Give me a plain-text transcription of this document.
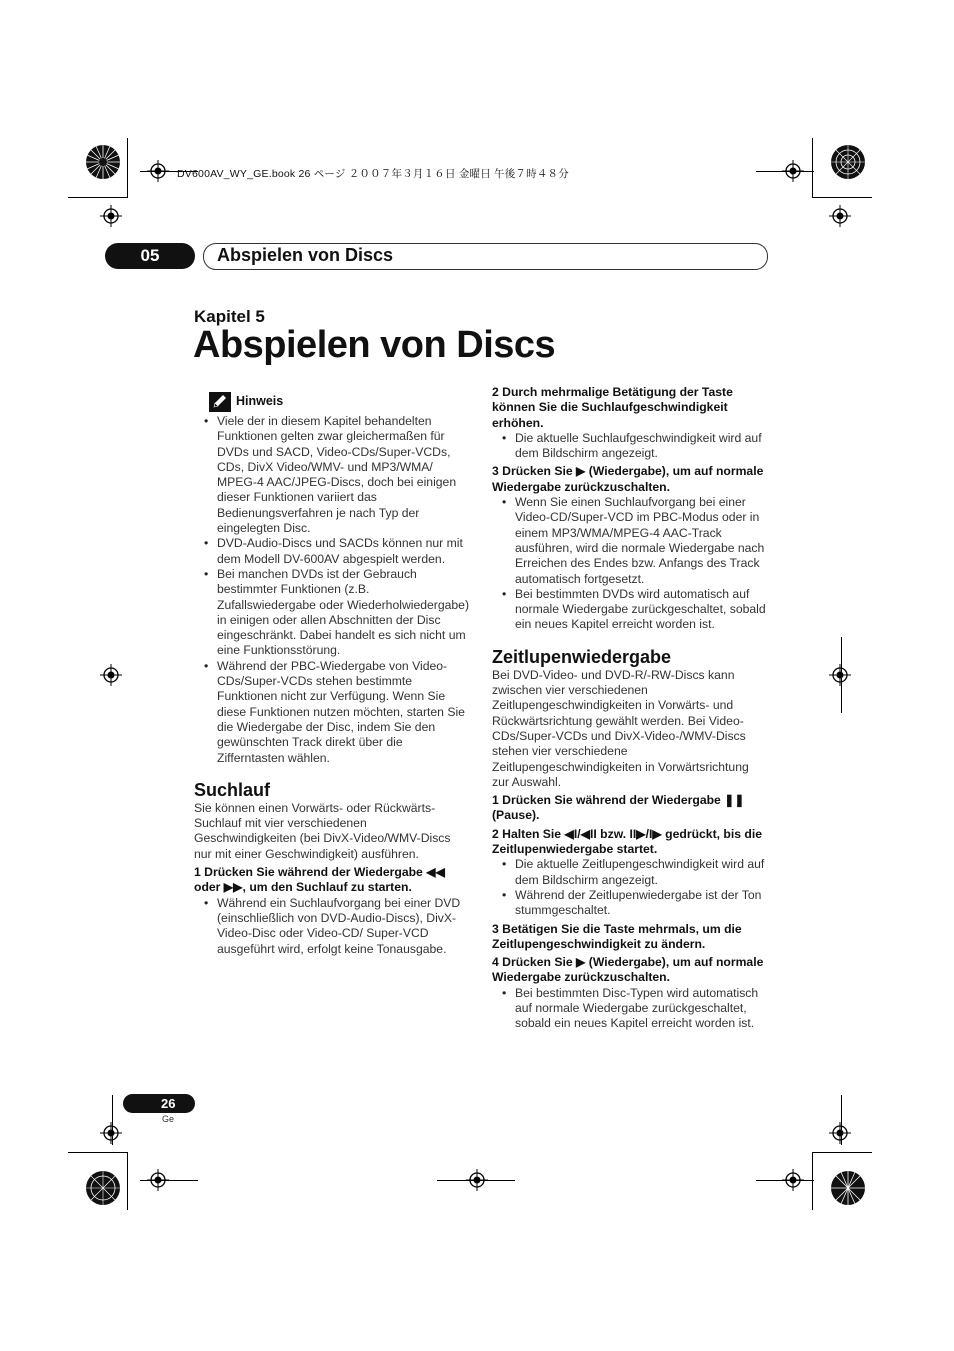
DV600AV_WY_GE.book 26 ページ ２００７年３月１６日 金曜日 午後７時４８分
05	Abspielen von Discs
Kapitel 5
Abspielen von Discs
Hinweis
• Viele der in diesem Kapitel behandelten Funktionen gelten zwar gleichermaßen für DVDs und SACD, Video-CDs/Super-VCDs, CDs, DivX Video/WMV- und MP3/WMA/ MPEG-4 AAC/JPEG-Discs, doch bei einigen dieser Funktionen variiert das Bedienungsverfahren je nach Typ der eingelegten Disc.
• DVD-Audio-Discs und SACDs können nur mit dem Modell DV-600AV abgespielt werden.
• Bei manchen DVDs ist der Gebrauch bestimmter Funktionen (z.B. Zufallswiedergabe oder Wiederholwiedergabe) in einigen oder allen Abschnitten der Disc eingeschränkt. Dabei handelt es sich nicht um eine Funktionsstörung.
• Während der PBC-Wiedergabe von Video-CDs/Super-VCDs stehen bestimmte Funktionen nicht zur Verfügung. Wenn Sie diese Funktionen nutzen möchten, starten Sie die Wiedergabe der Disc, indem Sie den gewünschten Track direkt über die Zifferntasten wählen.
Suchlauf

Sie können einen Vorwärts- oder Rückwärts-Suchlauf mit vier verschiedenen Geschwindigkeiten (bei DivX-Video/WMV-Discs nur mit einer Geschwindigkeit) ausführen.

1 Drücken Sie während der Wiedergabe ◀◀ oder ▶▶, um den Suchlauf zu starten.

• Während ein Suchlaufvorgang bei einer DVD (einschließlich von DVD-Audio-Discs), DivX-Video-Disc oder Video-CD/ Super-VCD ausgeführt wird, erfolgt keine Tonausgabe.

2 Durch mehrmalige Betätigung der Taste können Sie die Suchlaufgeschwindigkeit erhöhen.

• Die aktuelle Suchlaufgeschwindigkeit wird auf dem Bildschirm angezeigt.

3 Drücken Sie ▶ (Wiedergabe), um auf normale Wiedergabe zurückzuschalten.

• Wenn Sie einen Suchlaufvorgang bei einer Video-CD/Super-VCD im PBC-Modus oder in einem MP3/WMA/MPEG-4 AAC-Track ausführen, wird die normale Wiedergabe nach Erreichen des Endes bzw. Anfangs des Track automatisch fortgesetzt.
• Bei bestimmten DVDs wird automatisch auf normale Wiedergabe zurückgeschaltet, sobald ein neues Kapitel erreicht worden ist.
Zeitlupenwiedergabe

Bei DVD-Video- und DVD-R/-RW-Discs kann zwischen vier verschiedenen Zeitlupengeschwindigkeiten in Vorwärts- und Rückwärtsrichtung gewählt werden. Bei Video-CDs/Super-VCDs und DivX-Video-/WMV-Discs stehen vier verschiedene Zeitlupengeschwindigkeiten in Vorwärtsrichtung zur Auswahl.

1 Drücken Sie während der Wiedergabe ❚❚ (Pause).

2 Halten Sie ◀I/◀II bzw. II▶/I▶ gedrückt, bis die Zeitlupenwiedergabe startet.

• Die aktuelle Zeitlupengeschwindigkeit wird auf dem Bildschirm angezeigt.
• Während der Zeitlupenwiedergabe ist der Ton stummgeschaltet.

3 Betätigen Sie die Taste mehrmals, um die Zeitlupengeschwindigkeit zu ändern.

4 Drücken Sie ▶ (Wiedergabe), um auf normale Wiedergabe zurückzuschalten.

• Bei bestimmten Disc-Typen wird automatisch auf normale Wiedergabe zurückgeschaltet, sobald ein neues Kapitel erreicht worden ist.
26
Ge
